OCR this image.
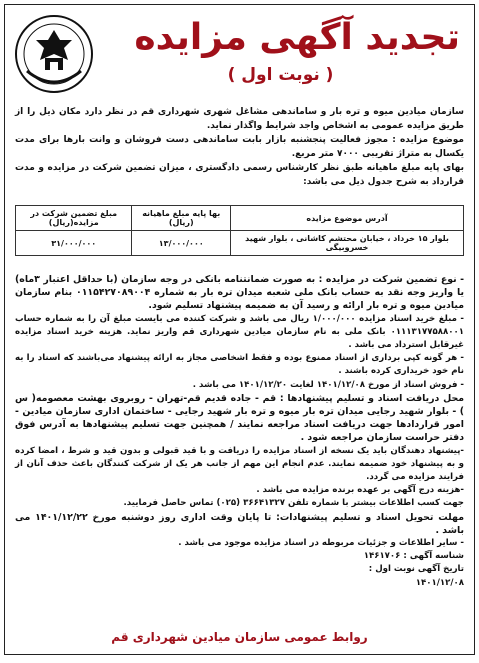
تجدید آگهی مزایده
( نوبت اول )

سازمان میادین میوه و تره بار و ساماندهی مشاغل شهری شهرداری قم در نظر دارد مکان ذیل را از طریق مزایده عمومی به اشخاص واجد شرایط واگذار نماید.

موضوع مزایده : مجوز فعالیت پنجشنبه بازار بابت ساماندهی دست فروشان و وانت بارها برای مدت یکسال به متراژ تقریبی ۷۰۰۰ متر مربع.

بهای پایه مبلغ ماهیانه طبق نظر کارشناس رسمی دادگستری ، میزان تضمین شرکت در مزایده و مدت قرارداد به شرح جدول ذیل می باشد:

آدرس موضوع مزایده	بها پایه مبلغ ماهیانه (ریال)	مبلغ تضمین شرکت در مزایده(ریال)
بلوار ۱۵ خرداد ، خیابان محتشم کاشانی ، بلوار شهید خسروبیگی	۱۳/۰۰۰/۰۰۰	۳۱/۰۰۰/۰۰۰

- نوع تضمین شرکت در مزایده : به صورت ضمانتنامه بانکی در وجه سازمان (با حداقل اعتبار ۳ماه) یا واریز وجه نقد به حساب بانک ملی شعبه میدان تره بار به شماره ۰۱۱۵۴۲۷۰۸۹۰۰۴ بنام سازمان میادین میوه و تره بار ارائه و رسید آن به ضمیمه پیشنهاد تسلیم شود.

- مبلغ خرید اسناد مزایده ۱/۰۰۰/۰۰۰ ریال می باشد و شرکت کننده می بایست مبلغ آن را به شماره حساب ۰۱۱۱۳۱۷۷۵۸۸۰۰۱ بانک ملی به نام سازمان میادین شهرداری قم واریز نماید. هزینه خرید اسناد مزایده غیرقابل استرداد می باشد .

- هر گونه کپی برداری از اسناد ممنوع بوده و فقط اشخاصی مجاز به ارائه پیشنهاد می‌باشند که اسناد را به نام خود خریداری کرده باشند .

- فروش اسناد از مورخ ۱۴۰۱/۱۲/۰۸ لغایت ۱۴۰۱/۱۲/۲۰ می باشد .

محل دریافت اسناد و تسلیم پیشنهادها : قم - جاده قدیم قم-تهران - روبروی بهشت معصومه( س ) - بلوار شهید رجایی میدان تره بار میوه و تره بار شهید رجایی - ساختمان اداری سازمان میادین - امور قراردادها جهت دریافت اسناد مراجعه نمایند / همچنین جهت تسلیم پیشنهادها به آدرس فوق دفتر حراست سازمان مراجعه شود .

-پیشنهاد دهندگان باید یک نسخه از اسناد مزایده را دریافت و با قید قبولی و بدون قید و شرط ، امضا کرده و به پیشنهاد خود ضمیمه نمایند. عدم انجام این مهم از جانب هر یک از شرکت کنندگان باعث حذف آنان از فرایند مزایده می گردد.

-هزینه درج آگهی بر عهده برنده مزایده می باشد .

جهت کسب اطلاعات بیشتر با شماره تلفن ۳۶۶۴۱۳۲۷ (۰۲۵) تماس حاصل فرمایید.

مهلت تحویل اسناد و تسلیم پیشنهادات: تا پایان وقت اداری روز دوشنبه مورخ ۱۴۰۱/۱۲/۲۲ می باشد .

- سایر اطلاعات و جزئیات مربوطه در اسناد مزایده موجود می باشد .

شناسه آگهی : ۱۴۶۱۷۰۶

تاریخ آگهی نوبت اول :

۱۴۰۱/۱۲/۰۸

روابط عمومی سازمان میادین شهرداری قم
